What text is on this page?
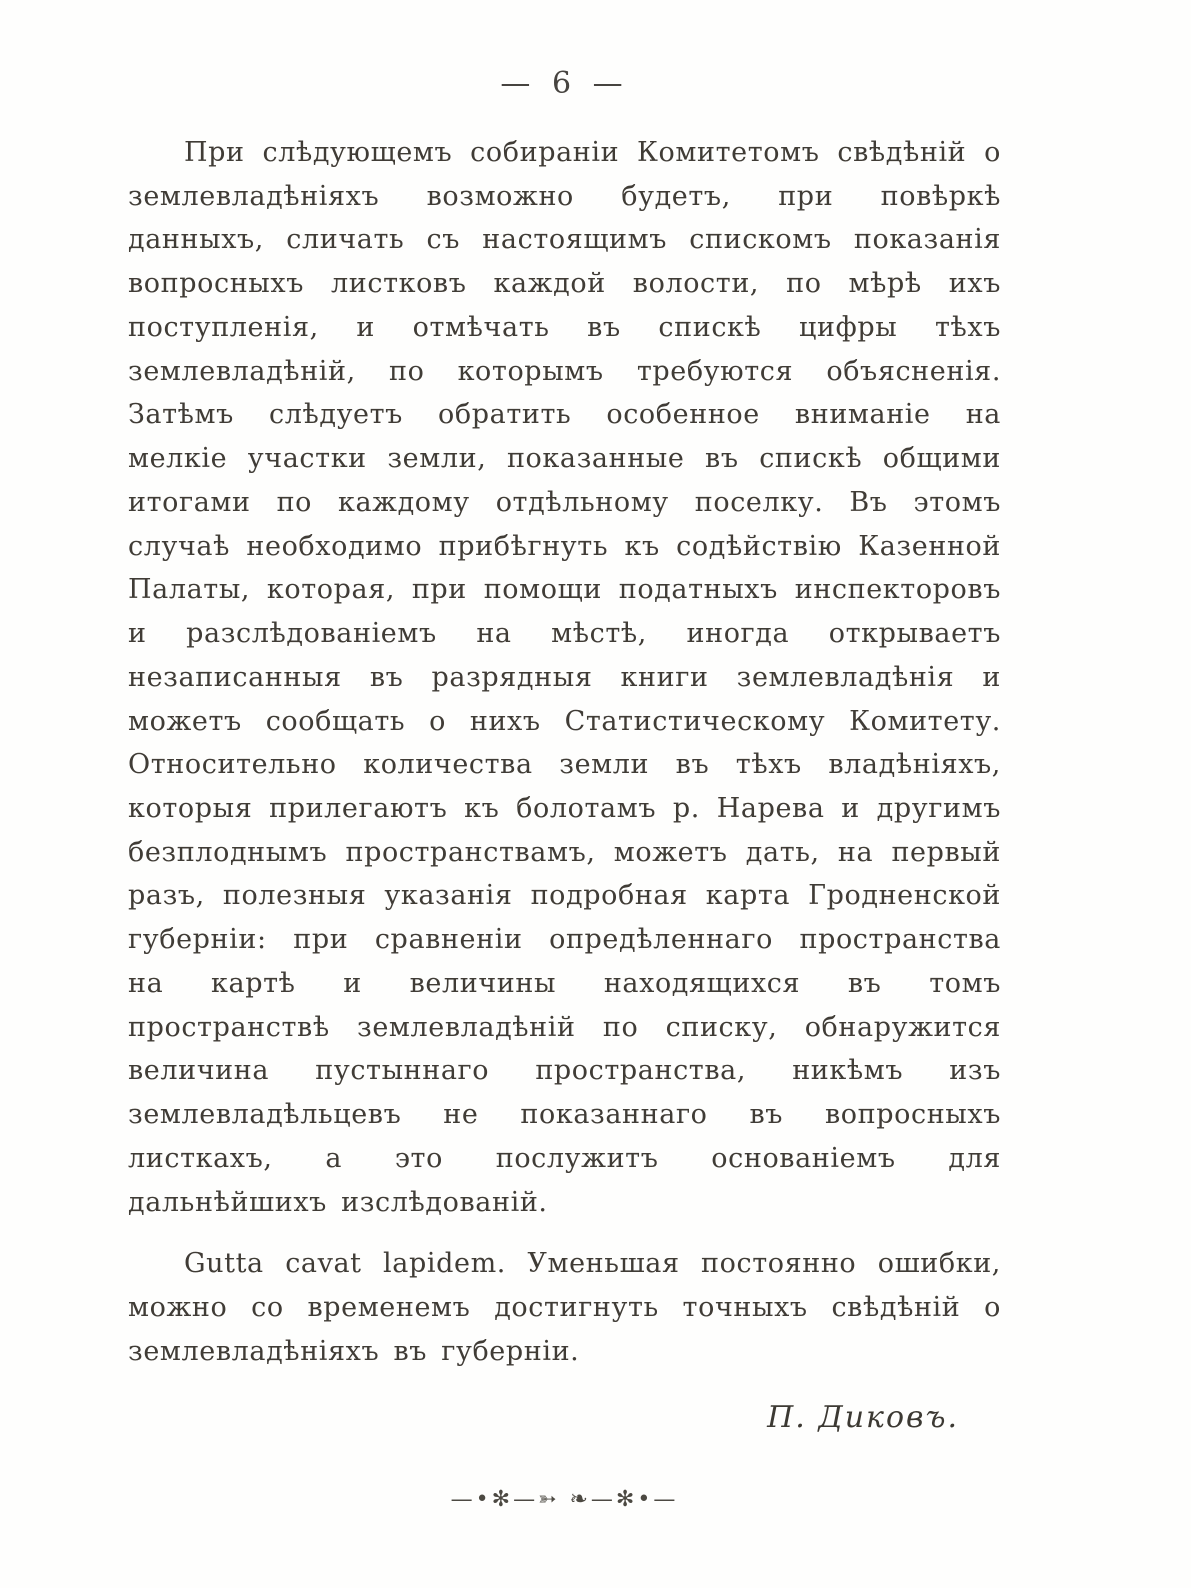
— 6 —

При слѣдующемъ собираніи Комитетомъ свѣдѣній о землевладѣніяхъ возможно будетъ, при повѣркѣ данныхъ, сличать съ настоящимъ спискомъ показанія вопросныхъ листковъ каждой волости, по мѣрѣ ихъ поступленія, и отмѣчать въ спискѣ цифры тѣхъ землевладѣній, по которымъ требуются объясненія. Затѣмъ слѣдуетъ обратить особенное вниманіе на мелкіе участки земли, показанные въ спискѣ общими итогами по каждому отдѣльному поселку. Въ этомъ случаѣ необходимо прибѣгнуть къ содѣйствію Казенной Палаты, которая, при помощи податныхъ инспекторовъ и разслѣдованіемъ на мѣстѣ, иногда открываетъ незаписанныя въ разрядныя книги землевладѣнія и можетъ сообщать о нихъ Статистическому Комитету. Относительно количества земли въ тѣхъ владѣніяхъ, которыя прилегаютъ къ болотамъ р. Нарева и другимъ безплоднымъ пространствамъ, можетъ дать, на первый разъ, полезныя указанія подробная карта Гродненской губерніи: при сравненіи опредѣленнаго пространства на картѣ и величины находящихся въ томъ пространствѣ землевладѣній по списку, обнаружится величина пустыннаго пространства, никѣмъ изъ землевладѣльцевъ не показаннаго въ вопросныхъ листкахъ, а это послужитъ основаніемъ для дальнѣйшихъ изслѣдованій.

Gutta cavat lapidem. Уменьшая постоянно ошибки, можно со временемъ достигнуть точныхъ свѣдѣній о землевладѣніяхъ въ губерніи.

П. Диковъ.

—•✻—➳ ❧—✻•—
